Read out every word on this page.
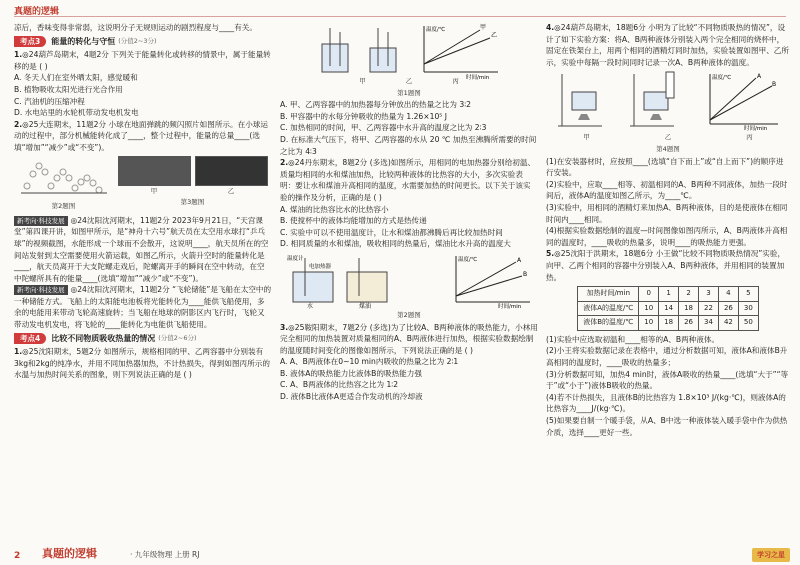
真题的逻辑

凉后，香味变得非常弱，这说明分子无规则运动的剧烈程度与____有关。

考点3	能量的转化与守恒 (分值2~3分)

1.◎24葫芦岛期末，4题2分 下列关于能量转化或转移的情景中，属于能量转移的是 ( )

A. 冬天人们在室外晒太阳，感觉暖和

B. 植物吸收太阳光进行光合作用

C. 汽油机的压缩冲程

D. 水电站里的水轮机带动发电机发电

2.◎25大连期末，11题2分 小球在地面弹跳的频闪照片如图所示。在小球运动的过程中，部分机械能转化成了____，整个过程中，能量的总量____(选填“增加”“减少”或“不变”)。

第2题图
甲	乙
第3题图

新考向·科技发展 ◎24沈阳沈河期末，11题2分 2023年9月21日，“天宫课堂”第四课开讲，如图甲所示，是“神舟十六号”航天员在太空用水球打“乒乓球”的视频截图，水能形成一个球而不会散开，这说明____，航天员所在的空间站发射到太空需要使用火箭运载，如图乙所示，火箭升空时的能量转化是____，航天员离开于大支陀螺走戏后，陀螺离开手的瞬间在空中转动，在空中陀螺所具有的能量____(选填“增加”“减少”或“不变”)。

新考向·科技发展 ◎24沈阳沈河期末，11题2分 “飞轮储能”是飞船在太空中的一种储能方式。飞船上的太阳能电池板将光能转化为____能供飞船使用，多余的电能用来带动飞轮高速旋转；当飞船在地球的阴影区内飞行时，飞轮又带动发电机发电，将飞轮的____能转化为电能供飞船使用。

考点4	比较不同物质吸收热量的情况 (分值2~6分)

1.◎25沈阳期末，5题2分 如图所示，规格相同的甲、乙两容器中分别装有3kg和2kg的纯净水，并用不同加热器加热，不计热损失，得到如图丙所示的水温与加热时间关系的图象，则下列说法正确的是 ( )

温度/℃
时间/min
甲
乙
甲	乙	丙
第1题图

A. 甲、乙两容器中的加热器每分钟放出的热量之比为 3∶2

B. 甲容器中的水每分钟吸收的热量为 1.26×10⁵ J

C. 加热相同的时间，甲、乙两容器中水升高的温度之比为 2∶3

D. 在标准大气压下，将甲、乙两容器的水从 20 ℃ 加热至沸腾所需要的时间之比为 4∶3

2.◎24丹东期末，8题2分 (多选)如图所示，用相同的电加热器分别给初温、质量均相同的水和煤油加热，比较两种液体的比热容的大小，多次实验表明：要让水和煤油升高相同的温度，水需要加热的时间更长。以下关于该实验的操作及分析，正确的是 ( )

A. 煤油的比热容比水的比热容小

B. 使搅杯中的液体均能增加的方式是热传递

C. 实验中可以不使用温度计，让水和煤油都沸腾后再比较加热时间

D. 相同质量的水和煤油，吸收相同的热量后，煤油比水升高的温度大

温度计
电加热器
水	煤油
温度/℃
时间/min
A
B
第2题图

3.◎25鞍阳期末，7题2分 (多选)为了比较A、B两种液体的吸热能力，小林用完全相同的加热装置对质量相同的A、B两液体进行加热，根据实验数据绘制的温度随时间变化的图像如图所示，下列说法正确的是 ( )

A. A、B两液体在0~10 min内吸收的热量之比为 2∶1

B. 液体A的吸热能力比液体B的吸热能力强

C. A、B两液体的比热容之比为 1∶2

D. 液体B比液体A更适合作发动机的冷却液

4.◎24葫芦岛期末，18题6分 小明为了比较“不同物质吸热的情况”，设计了如下实验方案：将A、B两种液体分别装入两个完全相同的烧杯中，固定在铁架台上，用两个相同的酒精灯同时加热，实验装置如图甲、乙所示，实验中每隔一段时间同时记录一次A、B两种液体的温度。

温度/℃
时间/min
A
B
甲	乙	丙
第4题图

(1)在安装器材时，应按照____(选填“自下而上”或“自上而下”)的顺序进行安装。

(2)实验中，应取____相等、初温相同的A、B两种不同液体，加热一段时间后，液体A的温度如图乙所示，为____℃。

(3)实验中，用相同的酒精灯来加热A、B两种液体，目的是使液体在相同时间内____相同。

(4)根据实验数据绘制的温度—时间图像如图丙所示，A、B两液体升高相同的温度时，____吸收的热量多，说明____的吸热能力更强。

5.◎25沈阳于洪期末，18题6分 小王做“比较不同物质吸热情况”实验，向甲、乙两个相同的容器中分别装入A、B两种液体，并用相同的装置加热。

加热时间/min	0	1	2	3	4	5
液体A的温度/℃	10	14	18	22	26	30
液体B的温度/℃	10	18	26	34	42	50

(1)实验中应选取初温和____相等的A、B两种液体。

(2)小王将实验数据记录在表格中，通过分析数据可知，液体A和液体B升高相同的温度时，____吸收的热量多；

(3)分析数据可知，加热4 min时，液体A吸收的热量____(选填“大于”“等于”或“小于”)液体B吸收的热量。

(4)若不计热损失，且液体B的比热容为 1.8×10³ J/(kg·℃)，则液体A的比热容为____J/(kg·℃)。

(5)如果要自制一个暖手袋，从A、B中选一种液体装入暖手袋中作为供热介质，选择____更好一些。

2 真题的逻辑	· 九年级物理 上册 RJ	学习之星
